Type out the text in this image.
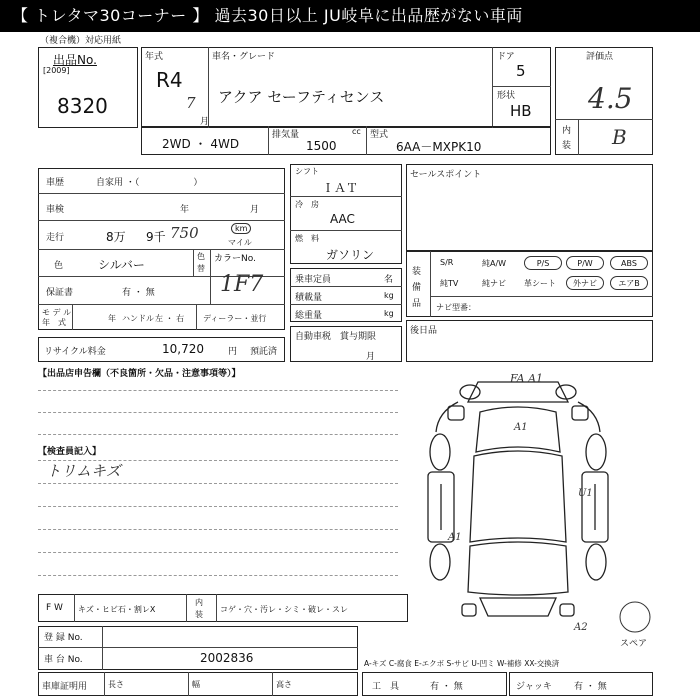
【 トレタマ30コーナー 】 過去30日以上 JU岐阜に出品歴がない車両
（複合機）対応用紙
出品No.
[2009]
8320
年式
R4
7
月
車名・グレード
アクア セーフティセンス
ドア
5
形状
HB
評価点
4.5
内
装 B
2WD ・ 4WD
排気量	cc
1500
型式
6AA－MXPK10
車歴	自家用 ・（　　　　　　）
車検	年	月
走行	8万 9千 750	km
マイル
色	シルバー
色
替
カラーNo.
1F7
保証書	有 ・ 無
モ デ ル
年　式	年 ハンドル 左 ・ 右 ディーラー・並行
リサイクル料金	10,720	円 預託済
シフト
ＩＡＴ
冷　房
AAC
燃　料
ガソリン
乗車定員	名
積載量	kg
総重量	kg
自動車税　賞与期限
月
セールスポイント
装
備
品
S/R	純A/W	P/S	P/W	ABS
純TV	純ナビ 革シート	外ナビ	エアB
ナビ型番：
後日品
【出品店申告欄（不良箇所・欠品・注意事項等）】
【検査員記入】
トリムキズ
FA A1
A1
U1
A1
A2
スペア
F W キズ・ヒビ石・割レX
内
装
コゲ・穴・汚レ・シミ・破レ・スレ
登 録 No.
車 台 No.	2002836	A-キズ C-腐食 E-エクボ S-サビ U-凹ミ W-補修 XX-交換済
車庫証明用	長さ	幅	高さ	工　具	有 ・ 無	ジャッキ 有 ・ 無
